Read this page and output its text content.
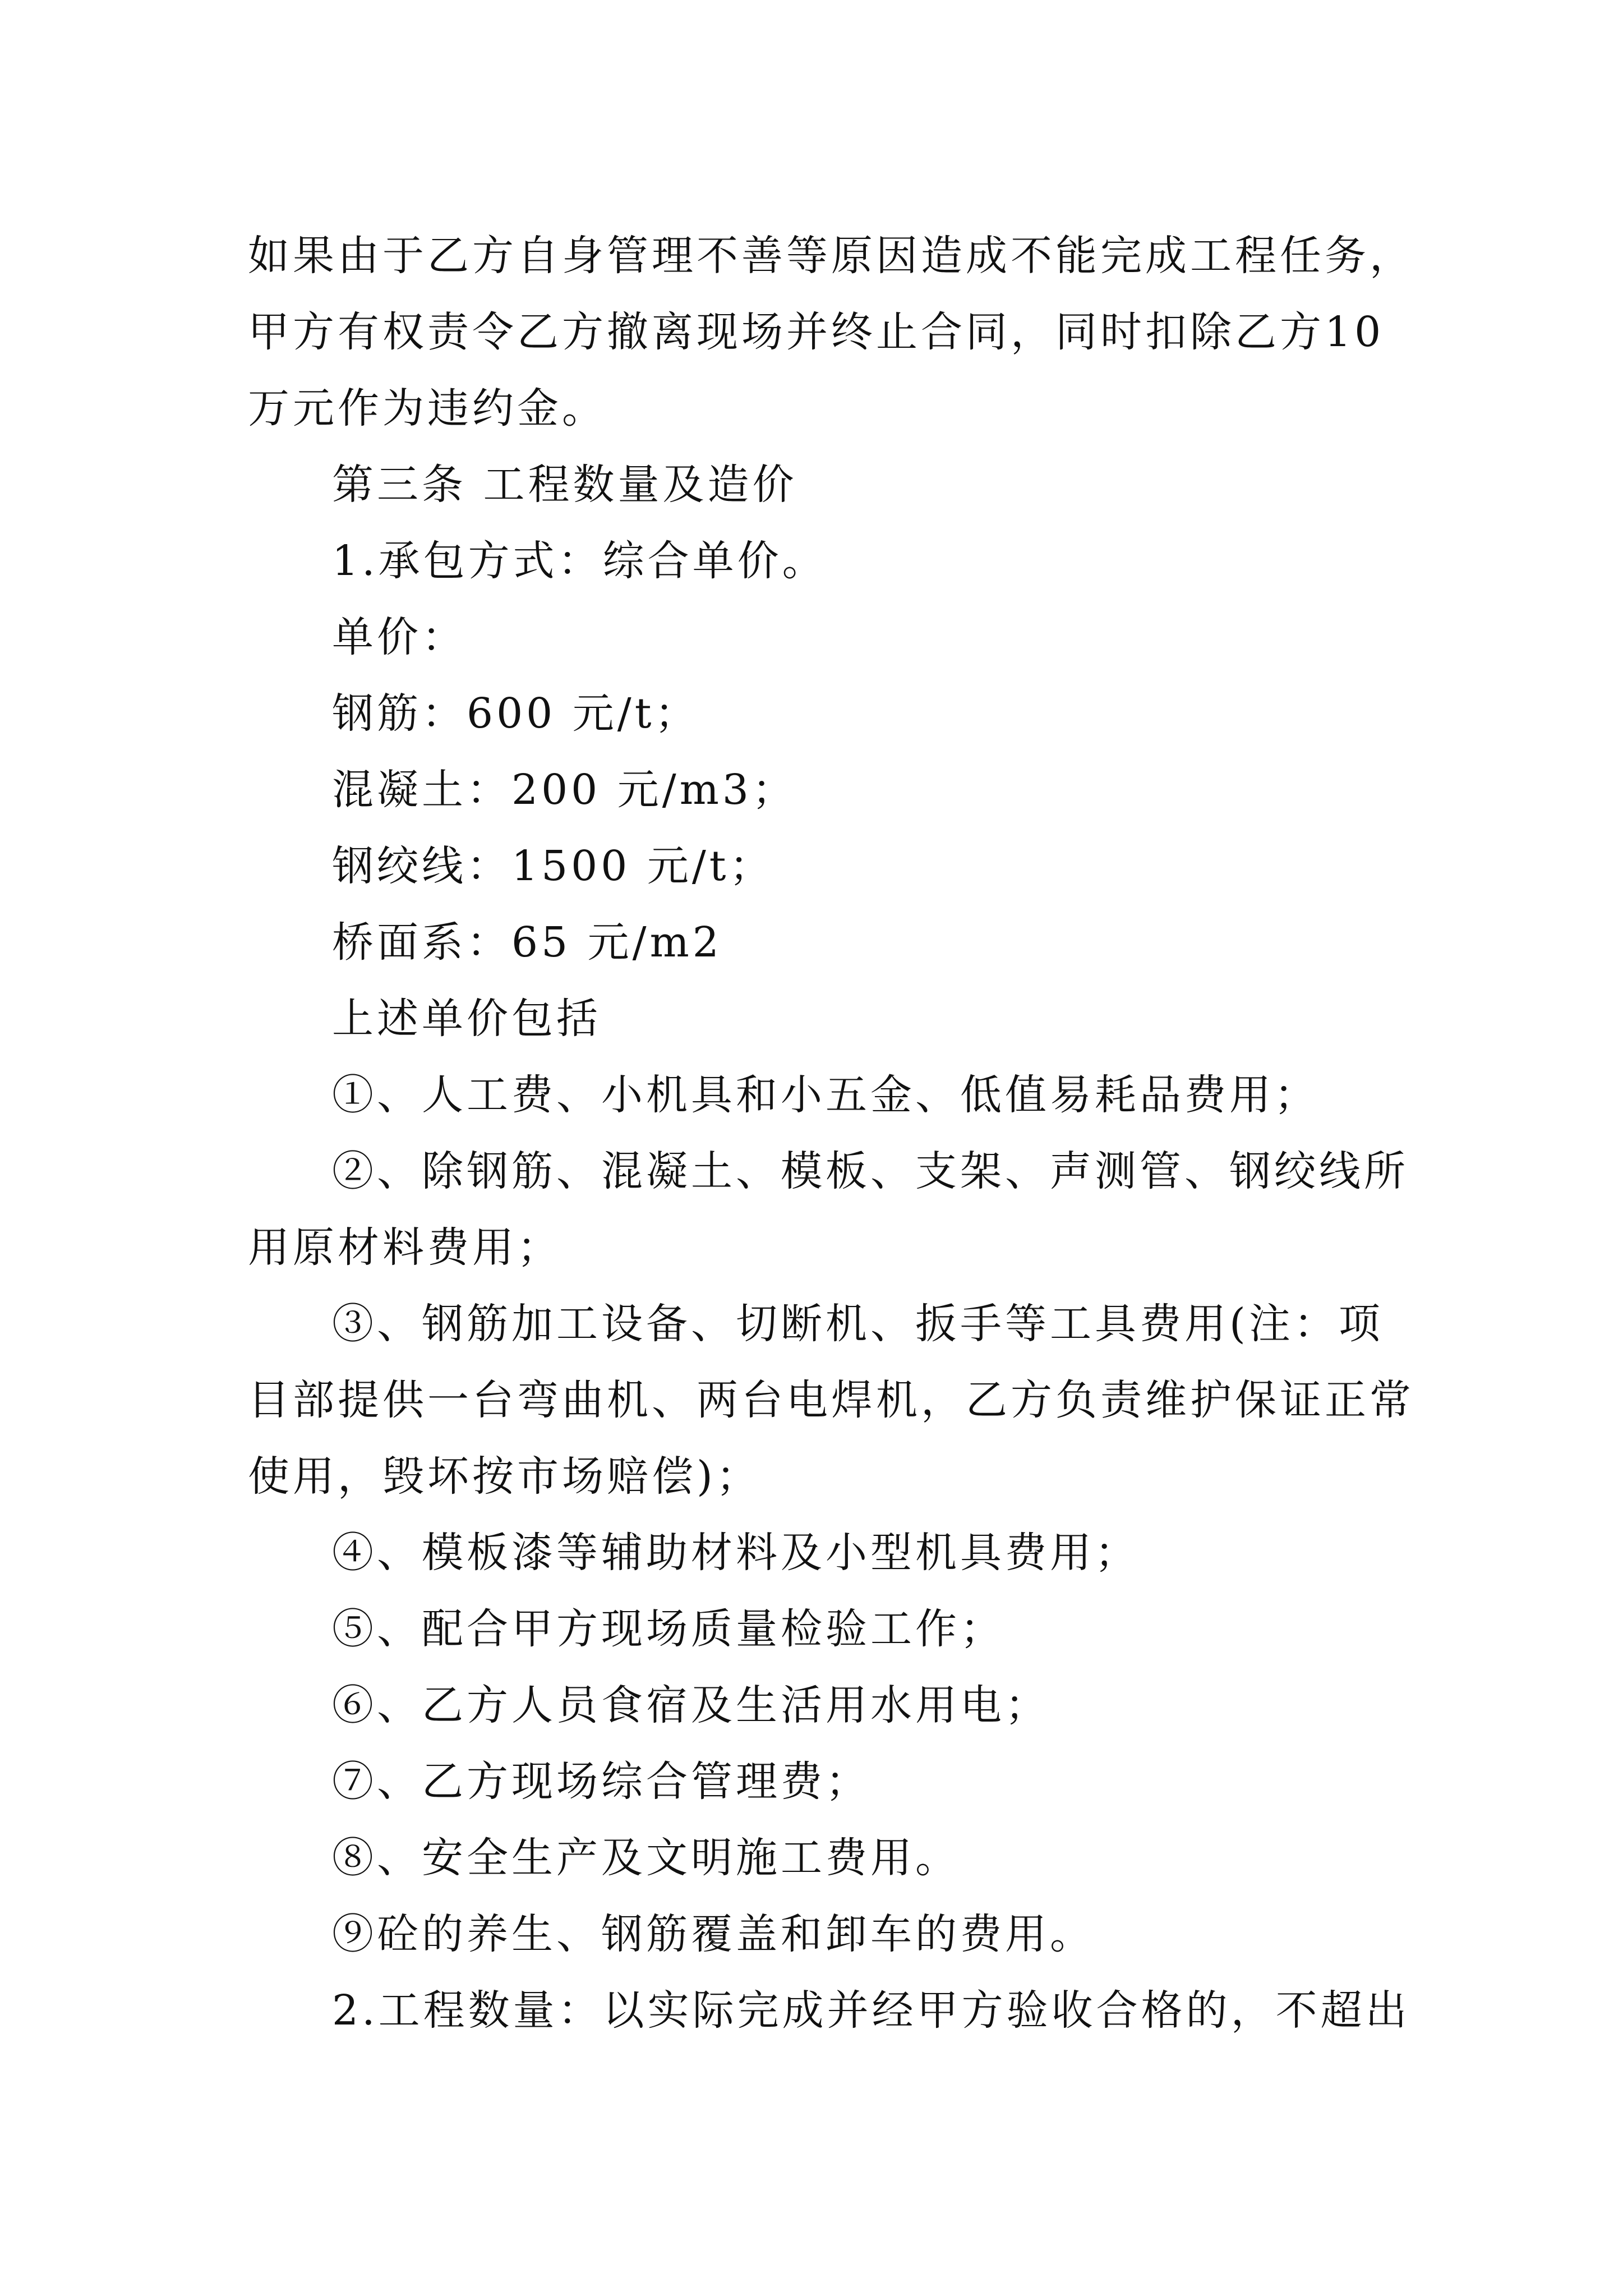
如果由于乙方自身管理不善等原因造成不能完成工程任务，
甲方有权责令乙方撤离现场并终止合同，同时扣除乙方10
万元作为违约金。
第三条 工程数量及造价
1.承包方式：综合单价。
单价：
钢筋：600 元/t；
混凝土：200 元/m3；
钢绞线：1500 元/t；
桥面系：65 元/m2
上述单价包括
①、人工费、小机具和小五金、低值易耗品费用；
②、除钢筋、混凝土、模板、支架、声测管、钢绞线所
用原材料费用；
③、钢筋加工设备、切断机、扳手等工具费用(注：项
目部提供一台弯曲机、两台电焊机，乙方负责维护保证正常
使用，毁坏按市场赔偿)；
④、模板漆等辅助材料及小型机具费用；
⑤、配合甲方现场质量检验工作；
⑥、乙方人员食宿及生活用水用电；
⑦、乙方现场综合管理费；
⑧、安全生产及文明施工费用。
⑨砼的养生、钢筋覆盖和卸车的费用。
2.工程数量：以实际完成并经甲方验收合格的，不超出
